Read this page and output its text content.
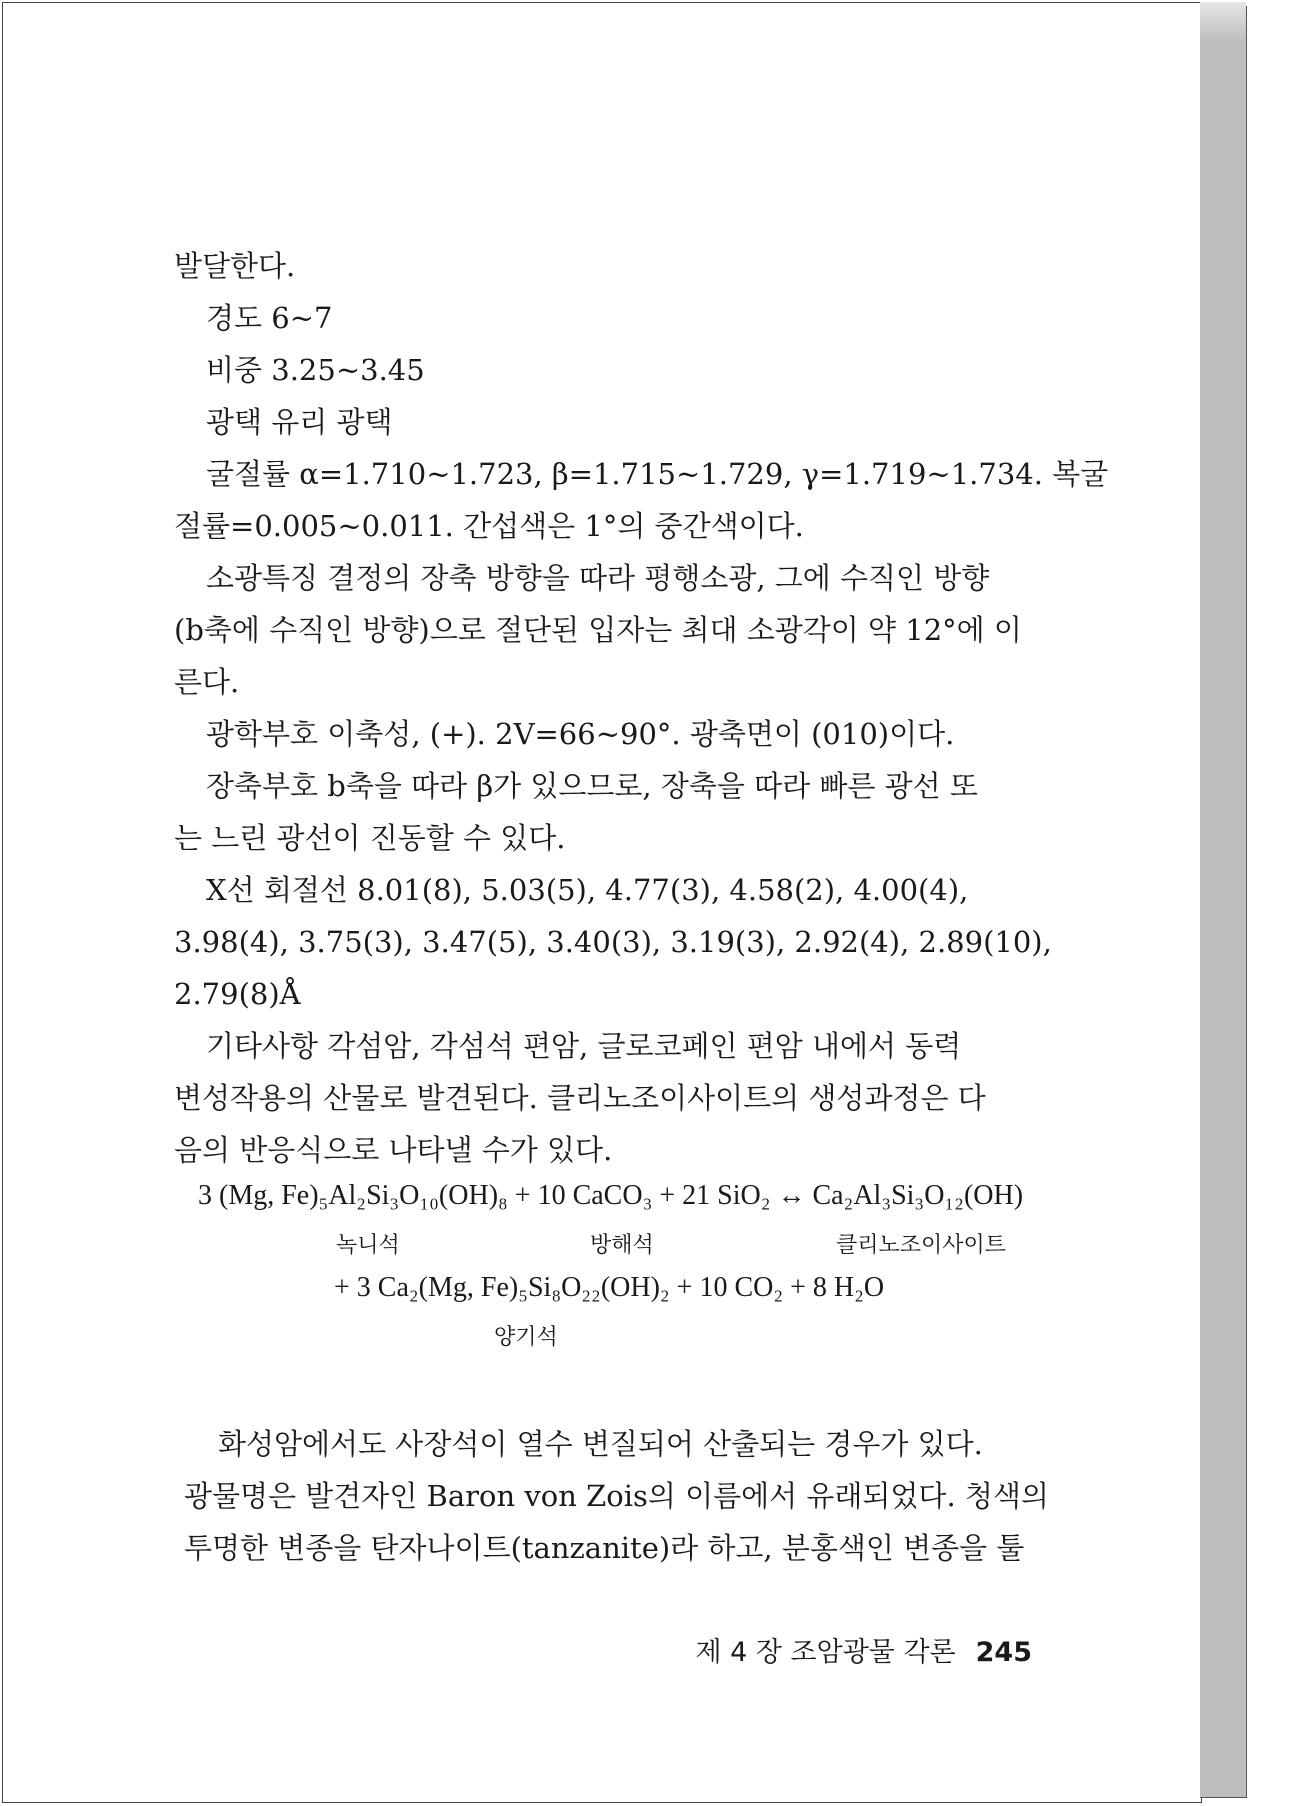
발달한다.
경도 6~7
비중 3.25~3.45
광택 유리 광택
굴절률 α=1.710~1.723, β=1.715~1.729, γ=1.719~1.734. 복굴
절률=0.005~0.011. 간섭색은 1°의 중간색이다.
소광특징 결정의 장축 방향을 따라 평행소광, 그에 수직인 방향
(b축에 수직인 방향)으로 절단된 입자는 최대 소광각이 약 12°에 이
른다.
광학부호 이축성, (+). 2V=66~90°. 광축면이 (010)이다.
장축부호 b축을 따라 β가 있으므로, 장축을 따라 빠른 광선 또
는 느린 광선이 진동할 수 있다.
X선 회절선 8.01(8), 5.03(5), 4.77(3), 4.58(2), 4.00(4),
3.98(4), 3.75(3), 3.47(5), 3.40(3), 3.19(3), 2.92(4), 2.89(10),
2.79(8)Å
기타사항 각섬암, 각섬석 편암, 글로코페인 편암 내에서 동력
변성작용의 산물로 발견된다. 클리노조이사이트의 생성과정은 다
음의 반응식으로 나타낼 수가 있다.
3 (Mg, Fe)₅Al₂Si₃O₁₀(OH)₈ + 10 CaCO₃ + 21 SiO₂ ↔ Ca₂Al₃Si₃O₁₂(OH)
녹니석	방해석	클리노조이사이트
+ 3 Ca₂(Mg, Fe)₅Si₈O₂₂(OH)₂ + 10 CO₂ + 8 H₂O
양기석
화성암에서도 사장석이 열수 변질되어 산출되는 경우가 있다.
광물명은 발견자인 Baron von Zois의 이름에서 유래되었다. 청색의
투명한 변종을 탄자나이트(tanzanite)라 하고, 분홍색인 변종을 툴
제 4 장 조암광물 각론 245
